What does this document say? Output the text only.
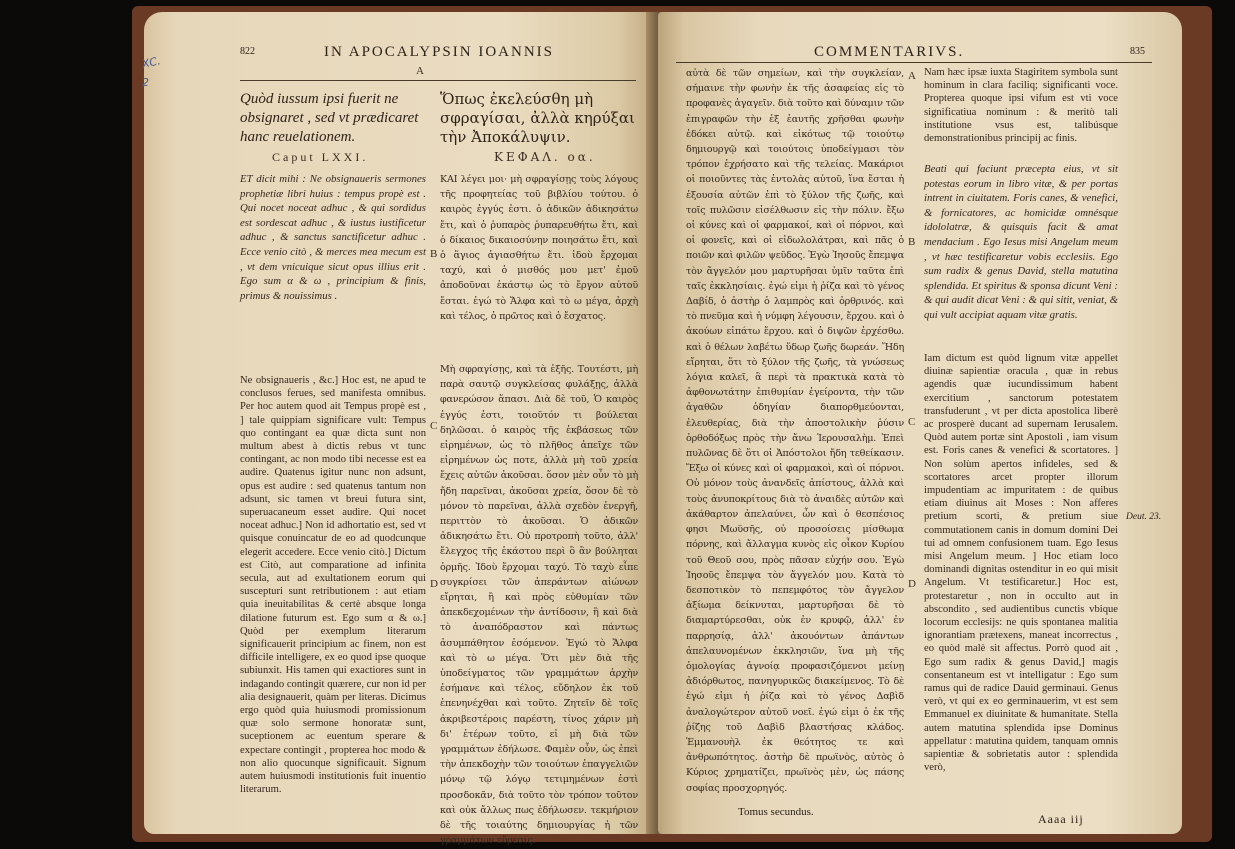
822	IN APOCALYPSIN IOANNIS
A
XC.
2
Quòd iussum ipsi fuerit ne obsignaret , sed vt prædicaret hanc reuelationem.
Ὅπως ἐκελεύσθη μὴ σφραγίσαι, ἀλλὰ κηρύξαι τὴν Ἀποκάλυψιν.
Caput LXXI.	ΚΕΦΑΛ. οα.
ET dicit mihi : Ne obsignaueris sermones prophetiæ libri huius : tempus propè est . Qui nocet noceat adhuc , & qui sordidus est sordescat adhuc , & iustus iustificetur adhuc , & sanctus sanctificetur adhuc . Ecce venio citò , & merces mea mecum est , vt dem vnicuique sicut opus illius erit . Ego sum α & ω , principium & finis, primus & nouissimus .
Ne obsignaueris , &c.] Hoc est, ne apud te conclusos ferues, sed manifesta omnibus. Per hoc autem quod ait Tempus propè est , ] tale quippiam significare vult: Tempus quo contingant ea quæ dicta sunt non multum abest à dictis rebus vt tunc contingant, ac non modo tibi necesse est ea audire. Quatenus igitur nunc non adsunt, opus est audire : sed quatenus tantum non adsunt, sic tamen vt breui futura sint, superuacaneum esset audire. Qui nocet noceat adhuc.] Non id adhortatio est, sed vt quisque conuincatur de eo ad quodcunque elegerit accedere. Ecce venio citò.] Dictum est Citò, aut comparatione ad infinita secula, aut ad exultationem eorum qui suscepturi sunt retributionem : aut etiam quia ineuitabilitas & certè absque longa dilatione futurum est. Ego sum α & ω.] Quòd per exemplum literarum significauerit principium ac finem, non est difficile intelligere, ex eo quod ipse quoque subiunxit. His tamen qui exactiores sunt in indagando contingit quærere, cur non id per alia designauerit, quàm per literas. Dicimus ergo quòd quia huiusmodi promissionum quæ solo sermone honoratæ sunt, suceptionem ac euentum sperare & expectare contingit , propterea hoc modo & non alio quocunque significauit. Signum autem huiusmodi institutionis fuit inuentio literarum.
ΚΑΙ λέγει μοι· μὴ σφραγίσῃς τοὺς λόγους τῆς προφητείας τοῦ βιβλίου τούτου. ὁ καιρὸς ἐγγύς ἐστι. ὁ ἀδικῶν ἀδικησάτω ἔτι, καὶ ὁ ῥυπαρὸς ῥυπαρευθήτω ἔτι, καὶ ὁ δίκαιος δικαιοσύνην ποιησάτω ἔτι, καὶ ὁ ἅγιος ἁγιασθήτω ἔτι. ἰδοὺ ἔρχομαι ταχύ, καὶ ὁ μισθός μου μετ' ἐμοῦ ἀποδοῦναι ἑκάστῳ ὡς τὸ ἔργον αὐτοῦ ἔσται. ἐγώ τὸ Ἄλφα καὶ τὸ ω μέγα, ἀρχὴ καὶ τέλος, ὁ πρῶτος καὶ ὁ ἔσχατος.
Μὴ σφραγίσῃς, καὶ τὰ ἑξῆς. Τουτέστι, μὴ παρὰ σαυτῷ συγκλείσας φυλάξῃς, ἀλλὰ φανερώσον ἅπασι. Διὰ δὲ τοῦ, Ὁ καιρὸς ἐγγύς ἐστι, τοιοῦτόν τι βούλεται δηλῶσαι. ὁ καιρὸς τῆς ἐκβάσεως τῶν εἰρημένων, ὡς τὸ πλῆθος ἀπεῖχε τῶν εἰρημένων ὡς ποτε, ἀλλὰ μὴ τοῦ χρεία ἔχεις αὐτῶν ἀκοῦσαι. ὅσον μὲν οὖν τὸ μὴ ἤδη παρεῖναι, ἀκοῦσαι χρεία, ὅσον δὲ τὸ μόνον τὸ παρεῖναι, ἀλλὰ σχεδὸν ἐνεργῆ, περιττὸν τὸ ἀκοῦσαι. Ὁ ἀδικῶν ἀδικησάτω ἔτι. Οὐ προτροπὴ τοῦτο, ἀλλ' ἔλεγχος τῆς ἑκάστου περὶ ὃ ἂν βούληται ὁρμῆς. Ἰδοὺ ἔρχομαι ταχύ. Τὸ ταχὺ εἶπε συγκρίσει τῶν ἀπεράντων αἰώνων εἴρηται, ἢ καὶ πρὸς εὐθυμίαν τῶν ἀπεκδεχομένων τὴν ἀντίδοσιν, ἢ καὶ διὰ τὸ ἀναπόδραστον καὶ πάντως ἀσυμπάθητον ἐσόμενον. Ἐγώ τὸ Ἄλφα καὶ τὸ ω μέγα. Ὅτι μὲν διὰ τῆς ὑποδείγματος τῶν γραμμάτων ἀρχὴν ἐσήμανε καὶ τέλος, εὔδηλον ἐκ τοῦ ἐπενηνέχθαι καὶ τοῦτο. Ζητεῖν δὲ τοῖς ἀκριβεστέροις παρέστη, τίνος χάριν μὴ δι' ἑτέρων τοῦτο, εἰ μὴ διὰ τῶν γραμμάτων ἐδήλωσε. Φαμὲν οὖν, ὡς ἐπεὶ τὴν ἀπεκδοχὴν τῶν τοιούτων ἐπαγγελιῶν μόνῳ τῷ λόγῳ τετιμημένων ἐστὶ προσδοκᾶν, διὰ τοῦτο τὸν τρόπον τοῦτον καὶ οὐκ ἄλλως πως ἐδήλωσεν. τεκμήριον δὲ τῆς τοιαύτης δημιουργίας ἡ τῶν γραμμάτων εὕρεσις.
B
C
D
COMMENTARIVS.	835
αὐτὰ δὲ τῶν σημείων, καὶ τὴν συγκλείαν, σήμαινε τὴν φωνὴν ἐκ τῆς ἀσαφείας εἰς τὸ προφανὲς ἀγαγεῖν. διὰ τοῦτο καὶ δύναμιν τῶν ἐπιγραφῶν τὴν ἐξ ἑαυτῆς χρῆσθαι φωνὴν ἐδόκει αὐτῷ. καὶ εἰκότως τῷ τοιούτῳ δημιουργῷ καὶ τοιούτοις ὑποδείγμασι τὸν τρόπον ἐχρήσατο καὶ τῆς τελείας. Μακάριοι οἱ ποιοῦντες τὰς ἐντολὰς αὐτοῦ, ἵνα ἔσται ἡ ἐξουσία αὐτῶν ἐπὶ τὸ ξύλον τῆς ζωῆς, καὶ τοῖς πυλῶσιν εἰσέλθωσιν εἰς τὴν πόλιν. ἔξω οἱ κύνες καὶ οἱ φαρμακοί, καὶ οἱ πόρνοι, καὶ οἱ φονεῖς, καὶ οἱ εἰδωλολάτραι, καὶ πᾶς ὁ ποιῶν καὶ φιλῶν ψεῦδος. Ἐγὼ Ἰησοῦς ἔπεμψα τὸν ἄγγελόν μου μαρτυρῆσαι ὑμῖν ταῦτα ἐπὶ ταῖς ἐκκλησίαις. ἐγώ εἰμι ἡ ῥίζα καὶ τὸ γένος Δαβίδ, ὁ ἀστὴρ ὁ λαμπρὸς καὶ ὀρθρινός. καὶ τὸ πνεῦμα καὶ ἡ νύμφη λέγουσιν, ἔρχου. καὶ ὁ ἀκούων εἰπάτω ἔρχου. καὶ ὁ διψῶν ἐρχέσθω. καὶ ὁ θέλων λαβέτω ὕδωρ ζωῆς δωρεάν. Ἤδη εἴρηται, ὅτι τὸ ξύλον τῆς ζωῆς, τὰ γνώσεως λόγια καλεῖ, ἃ περὶ τὰ πρακτικὰ κατὰ τὸ ἀφθονωτάτην ἐπιθυμίαν ἐγείροντα, τὴν τῶν ἀγαθῶν ὁδηγίαν διαπορθμεύονται, ἐλευθερίας, διὰ τὴν ἀποστολικὴν ῥύσιν ὀρθοδόξως πρὸς τὴν ἄνω Ἱερουσαλὴμ. Ἐπεὶ πυλῶνας δὲ ὅτι οἱ Ἀπόστολοι ἤδη τεθείκασιν. Ἔξω οἱ κύνες καὶ οἱ φαρμακοὶ, καὶ οἱ πόρνοι. Οὐ μόνον τοὺς ἀνανδεῖς ἀπίστους, ἀλλὰ καὶ τοὺς ἀνυποκρίτους διὰ τὸ ἀναιδὲς αὐτῶν καὶ ἀκάθαρτον ἀπελαύνει, ὧν καὶ ὁ θεσπέσιος φησι Μωϋσῆς, οὐ προσοίσεις μίσθωμα πόρνης, καὶ ἄλλαγμα κυνὸς εἰς οἶκον Κυρίου τοῦ Θεοῦ σου, πρὸς πᾶσαν εὐχήν σου. Ἐγὼ Ἰησοῦς ἔπεμψα τὸν ἄγγελόν μου. Κατὰ τὸ δεσποτικὸν τὸ πεπεμφότος τὸν ἄγγελον ἀξίωμα δείκνυται, μαρτυρῆσαι δὲ τὸ διαμαρτύρεσθαι, οὐκ ἐν κρυφῷ, ἀλλ' ἐν παρρησίᾳ, ἀλλ' ἀκουόντων ἁπάντων ἀπελαυνομένων ἐκκλησιῶν, ἵνα μὴ τῆς ὁμολογίας ἀγνοίᾳ προφασιζόμενοι μείνῃ ἀδιόρθωτος, πανηγυρικῶς διακείμενος. Τὸ δὲ ἐγώ εἰμι ἡ ῥίζα καὶ τὸ γένος Δαβὶδ ἀναλογώτερον αὐτοῦ νοεῖ. ἐγώ εἰμι ὁ ἐκ τῆς ῥίζης τοῦ Δαβὶδ βλαστήσας κλάδος. Ἐμμανουὴλ ἐκ θεότητος τε καὶ ἀνθρωπότητος. ἀστὴρ δὲ πρωϊνὸς, αὐτὸς ὁ Κύριος χρηματίζει, πρωϊνὸς μὲν, ὡς πάσης σοφίας προσχορηγός.
Tomus secundus.
A
B
C
D
Nam hæc ipsæ iuxta Stagiritem symbola sunt hominum in clara faciliq; significanti voce. Propterea quoque ipsi vifum est vti voce significatiua nominum : & meritò tali institutione vsus est, talibúsque demonstrationibus principij ac finis.
Beati qui faciunt præcepta eius, vt sit potestas eorum in libro vitæ, & per portas intrent in ciuitatem. Foris canes, & venefici, & fornicatores, ac homicidæ omnésque idololatræ, & quisquis facit & amat mendacium . Ego Iesus misi Angelum meum , vt hæc testificaretur vobis ecclesiis. Ego sum radix & genus David, stella matutina splendida. Et spiritus & sponsa dicunt Veni : & qui audit dicat Veni : & qui sitit, veniat, & qui vult accipiat aquam vitæ gratis.
Iam dictum est quòd lignum vitæ appellet diuinæ sapientiæ oracula , quæ in rebus agendis quæ iucundissimum habent exercitium , sanctorum potestatem transfuderunt , vt per dicta apostolica liberè ac prosperè ducant ad supernam Ierusalem. Quòd autem portæ sint Apostoli , iam visum est. Foris canes & venefici & scortatores. ] Non solùm apertos infideles, sed & scortatores arcet propter illorum impudentiam ac impuritatem : de quibus etiam diuinus ait Moses : Non afferes pretium scorti, & pretium siue commutationem canis in domum domini Dei tui ad omnem confusionem tuam. Ego Iesus misi Angelum meum. ] Hoc etiam loco dominandi dignitas ostenditur in eo qui misit Angelum. Vt testificaretur.] Hoc est, protestaretur , non in occulto aut in abscondito , sed audientibus cunctis vbique locorum ecclesijs: ne quis spontanea malitia ignorantiam prætexens, maneat incorrectus , eo quòd malè sit affectus. Porrò quod ait , Ego sum radix & genus David,] magis consentaneum est vt intelligatur : Ego sum ramus qui de radice Dauid germinaui. Genus verò, vt qui ex eo germinauerim, vt est sem Emmanuel ex diuinitate & humanitate. Stella autem matutina splendida ipse Dominus appellatur : matutina quidem, tanquam omnis sapientiæ & sobrietatis autor : splendida verò,
Deut. 23.
Aaaa iij
